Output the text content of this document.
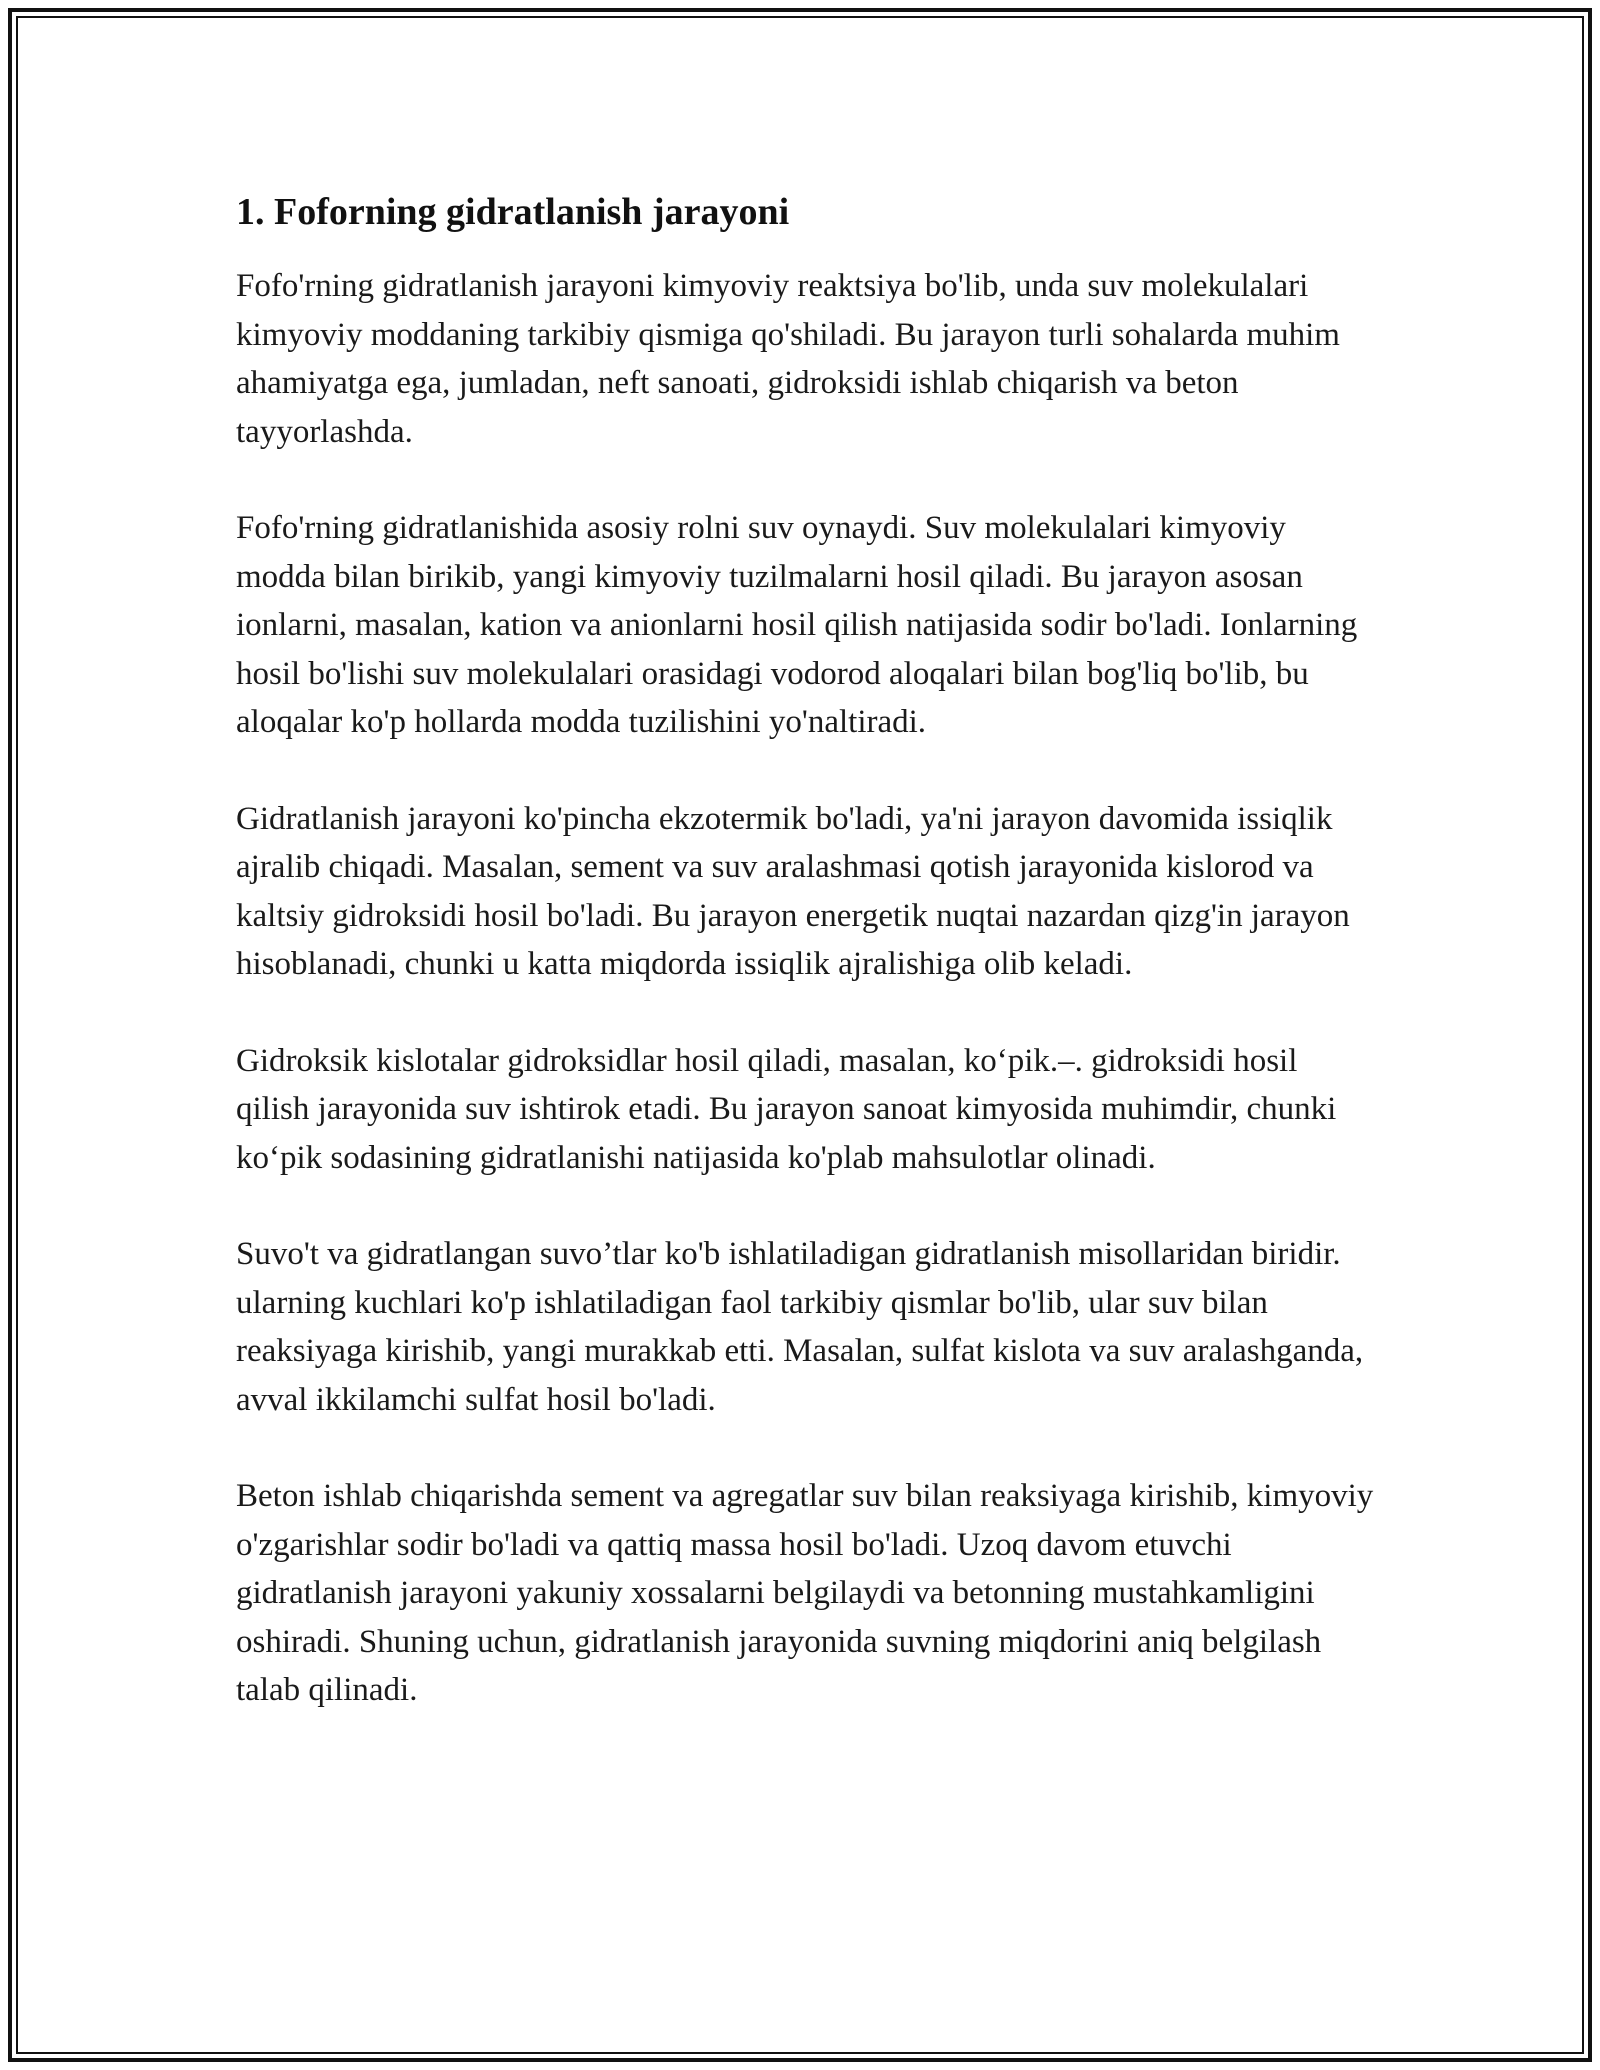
1. Foforning gidratlanish jarayoni

Fofo'rning gidratlanish jarayoni kimyoviy reaktsiya bo'lib, unda suv molekulalari kimyoviy moddaning tarkibiy qismiga qo'shiladi. Bu jarayon turli sohalarda muhim ahamiyatga ega, jumladan, neft sanoati, gidroksidi ishlab chiqarish va beton tayyorlashda.

Fofo'rning gidratlanishida asosiy rolni suv oynaydi. Suv molekulalari kimyoviy modda bilan birikib, yangi kimyoviy tuzilmalarni hosil qiladi. Bu jarayon asosan ionlarni, masalan, kation va anionlarni hosil qilish natijasida sodir bo'ladi. Ionlarning hosil bo'lishi suv molekulalari orasidagi vodorod aloqalari bilan bog'liq bo'lib, bu aloqalar ko'p hollarda modda tuzilishini yo'naltiradi.

Gidratlanish jarayoni ko'pincha ekzotermik bo'ladi, ya'ni jarayon davomida issiqlik ajralib chiqadi. Masalan, sement va suv aralashmasi qotish jarayonida kislorod va kaltsiy gidroksidi hosil bo'ladi. Bu jarayon energetik nuqtai nazardan qizg'in jarayon hisoblanadi, chunki u katta miqdorda issiqlik ajralishiga olib keladi.

Gidroksik kislotalar gidroksidlar hosil qiladi, masalan, ko‘pik.–. gidroksidi hosil qilish jarayonida suv ishtirok etadi. Bu jarayon sanoat kimyosida muhimdir, chunki ko‘pik sodasining gidratlanishi natijasida ko'plab mahsulotlar olinadi.

Suvo't va gidratlangan suvo’tlar ko'b ishlatiladigan gidratlanish misollaridan biridir. ularning kuchlari ko'p ishlatiladigan faol tarkibiy qismlar bo'lib, ular suv bilan reaksiyaga kirishib, yangi murakkab etti. Masalan, sulfat kislota va suv aralashganda, avval ikkilamchi sulfat hosil bo'ladi.

Beton ishlab chiqarishda sement va agregatlar suv bilan reaksiyaga kirishib, kimyoviy o'zgarishlar sodir bo'ladi va qattiq massa hosil bo'ladi. Uzoq davom etuvchi gidratlanish jarayoni yakuniy xossalarni belgilaydi va betonning mustahkamligini oshiradi. Shuning uchun, gidratlanish jarayonida suvning miqdorini aniq belgilash talab qilinadi.
